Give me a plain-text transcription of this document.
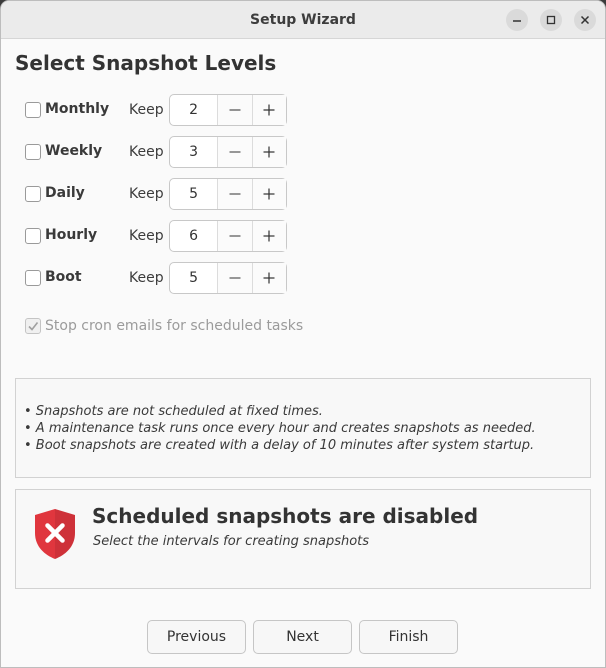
Setup Wizard
Select Snapshot Levels
Monthly Keep	2
Weekly Keep	3
Daily	Keep	5
Hourly Keep	6
Boot	Keep	5
Stop cron emails for scheduled tasks
• Snapshots are not scheduled at fixed times.
• A maintenance task runs once every hour and creates snapshots as needed.
• Boot snapshots are created with a delay of 10 minutes after system startup.
Scheduled snapshots are disabled
Select the intervals for creating snapshots
Previous	Next	Finish
